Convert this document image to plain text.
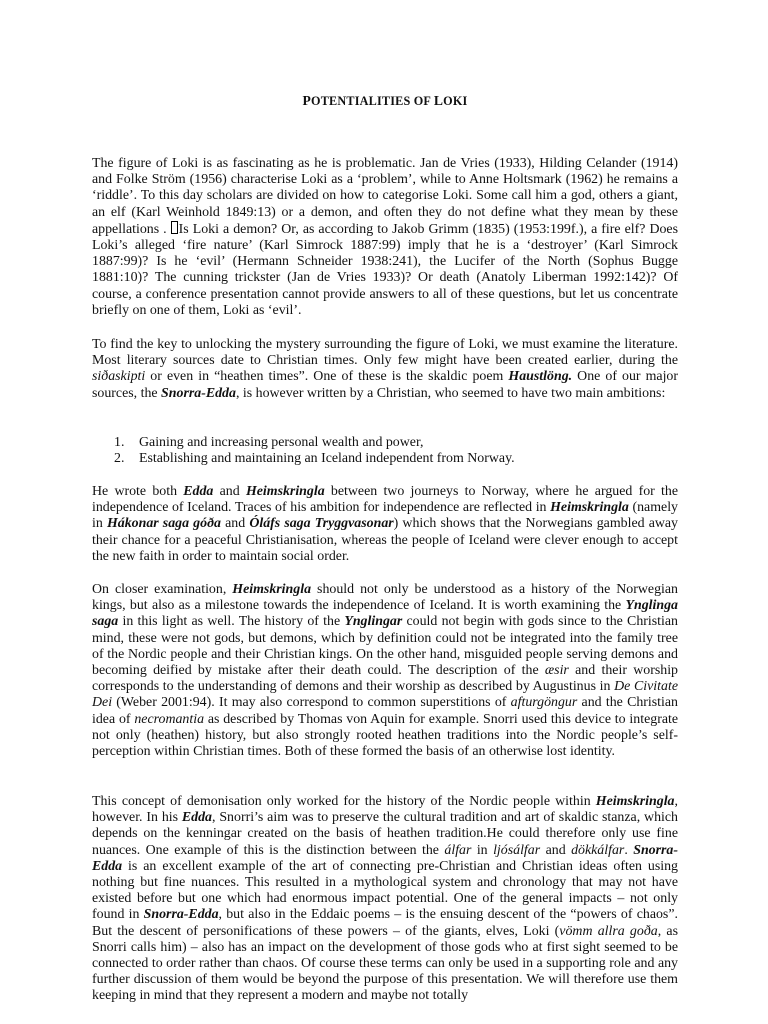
POTENTIALITIES OF LOKI

The figure of Loki is as fascinating as he is problematic. Jan de Vries (1933), Hilding Celander (1914) and Folke Ström (1956) characterise Loki as a ‘problem’, while to Anne Holtsmark (1962) he remains a ‘riddle’. To this day scholars are divided on how to categorise Loki. Some call him a god, others a giant, an elf (Karl Weinhold 1849:13) or a demon, and often they do not define what they mean by these appellations . Is Loki a demon? Or, as according to Jakob Grimm (1835) (1953:199f.), a fire elf? Does Loki’s alleged ‘fire nature’ (Karl Simrock 1887:99) imply that he is a ‘destroyer’ (Karl Simrock 1887:99)? Is he ‘evil’ (Hermann Schneider 1938:241), the Lucifer of the North (Sophus Bugge 1881:10)? The cunning trickster (Jan de Vries 1933)? Or death (Anatoly Liberman 1992:142)? Of course, a conference presentation cannot provide answers to all of these questions, but let us concentrate briefly on one of them, Loki as ‘evil’.

To find the key to unlocking the mystery surrounding the figure of Loki, we must examine the literature. Most literary sources date to Christian times. Only few might have been created earlier, during the siðaskipti or even in “heathen times”. One of these is the skaldic poem Haustlöng. One of our major sources, the Snorra-Edda, is however written by a Christian, who seemed to have two main ambitions:

1.	Gaining and increasing personal wealth and power,
2.	Establishing and maintaining an Iceland independent from Norway.

He wrote both Edda and Heimskringla between two journeys to Norway, where he argued for the independence of Iceland. Traces of his ambition for independence are reflected in Heimskringla (namely in Hákonar saga góða and Óláfs saga Tryggvasonar) which shows that the Norwegians gambled away their chance for a peaceful Christianisation, whereas the people of Iceland were clever enough to accept the new faith in order to maintain social order.

On closer examination, Heimskringla should not only be understood as a history of the Norwegian kings, but also as a milestone towards the independence of Iceland. It is worth examining the Ynglinga saga in this light as well. The history of the Ynglingar could not begin with gods since to the Christian mind, these were not gods, but demons, which by definition could not be integrated into the family tree of the Nordic people and their Christian kings. On the other hand, misguided people serving demons and becoming deified by mistake after their death could. The description of the æsir and their worship corresponds to the understanding of demons and their worship as described by Augustinus in De Civitate Dei (Weber 2001:94). It may also correspond to common superstitions of afturgöngur and the Christian idea of necromantia as described by Thomas von Aquin for example. Snorri used this device to integrate not only (heathen) history, but also strongly rooted heathen traditions into the Nordic people’s self-perception within Christian times. Both of these formed the basis of an otherwise lost identity.

This concept of demonisation only worked for the history of the Nordic people within Heimskringla, however. In his Edda, Snorri’s aim was to preserve the cultural tradition and art of skaldic stanza, which depends on the kenningar created on the basis of heathen tradition.He could therefore only use fine nuances. One example of this is the distinction between the álfar in ljósálfar and dökkálfar. Snorra-Edda is an excellent example of the art of connecting pre-Christian and Christian ideas often using nothing but fine nuances. This resulted in a mythological system and chronology that may not have existed before but one which had enormous impact potential. One of the general impacts – not only found in Snorra-Edda, but also in the Eddaic poems – is the ensuing descent of the “powers of chaos”. But the descent of personifications of these powers – of the giants, elves, Loki (vömm allra goða, as Snorri calls him) – also has an impact on the development of those gods who at first sight seemed to be connected to order rather than chaos. Of course these terms can only be used in a supporting role and any further discussion of them would be beyond the purpose of this presentation. We will therefore use them keeping in mind that they represent a modern and maybe not totally
